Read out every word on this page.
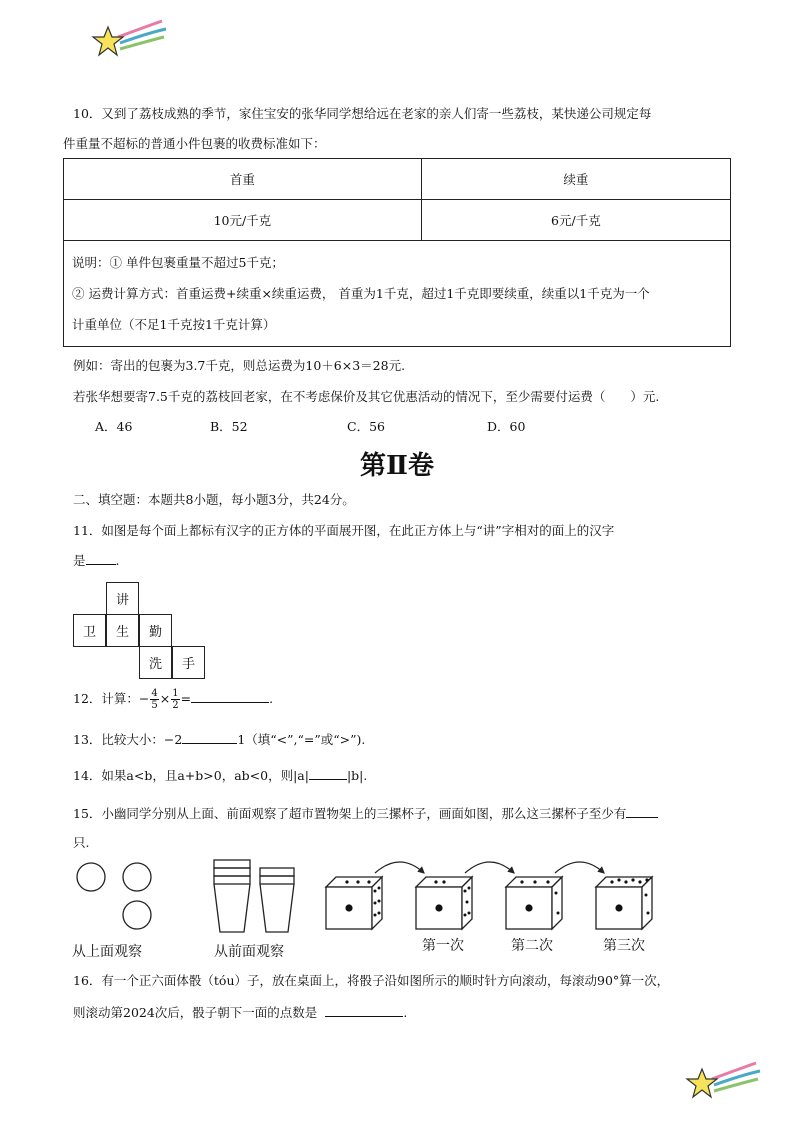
10．又到了荔枝成熟的季节，家住宝安的张华同学想给远在老家的亲人们寄一些荔枝，某快递公司规定每
件重量不超标的普通小件包裹的收费标准如下：
首重	续重
10元/千克	6元/千克

说明：① 单件包裹重量不超过5千克；
② 运费计算方式：首重运费+续重×续重运费， 首重为1千克，超过1千克即要续重，续重以1千克为一个
计重单位（不足1千克按1千克计算）	
例如：寄出的包裹为3.7千克，则总运费为10＋6×3＝28元.
若张华想要寄7.5千克的荔枝回老家，在不考虑保价及其它优惠活动的情况下，至少需要付运费（　　）元.
A．46	B．52	C．56	D．60
第Ⅱ卷
二、填空题：本题共8小题，每小题3分，共24分。
11．如图是每个面上都标有汉字的正方体的平面展开图，在此正方体上与“讲”字相对的面上的汉字
是 .
讲
卫	生	勤
洗	手
12．计算：− $\frac{4}{5} \times \frac{1}{2}$ =	.
13．比较大小：−2	1（填“<”,“=”或“>”).
14．如果a<b，且a+b>0，ab<0，则|a|	|b|.
15．小幽同学分别从上面、前面观察了超市置物架上的三摞杯子，画面如图，那么这三摞杯子至少有
只.
从上面观察	从前面观察	第一次	第二次	第三次
16．有一个正六面体骰（tóu）子，放在桌面上，将骰子沿如图所示的顺时针方向滚动，每滚动90°算一次，
则滚动第2024次后，骰子朝下一面的点数是	.
